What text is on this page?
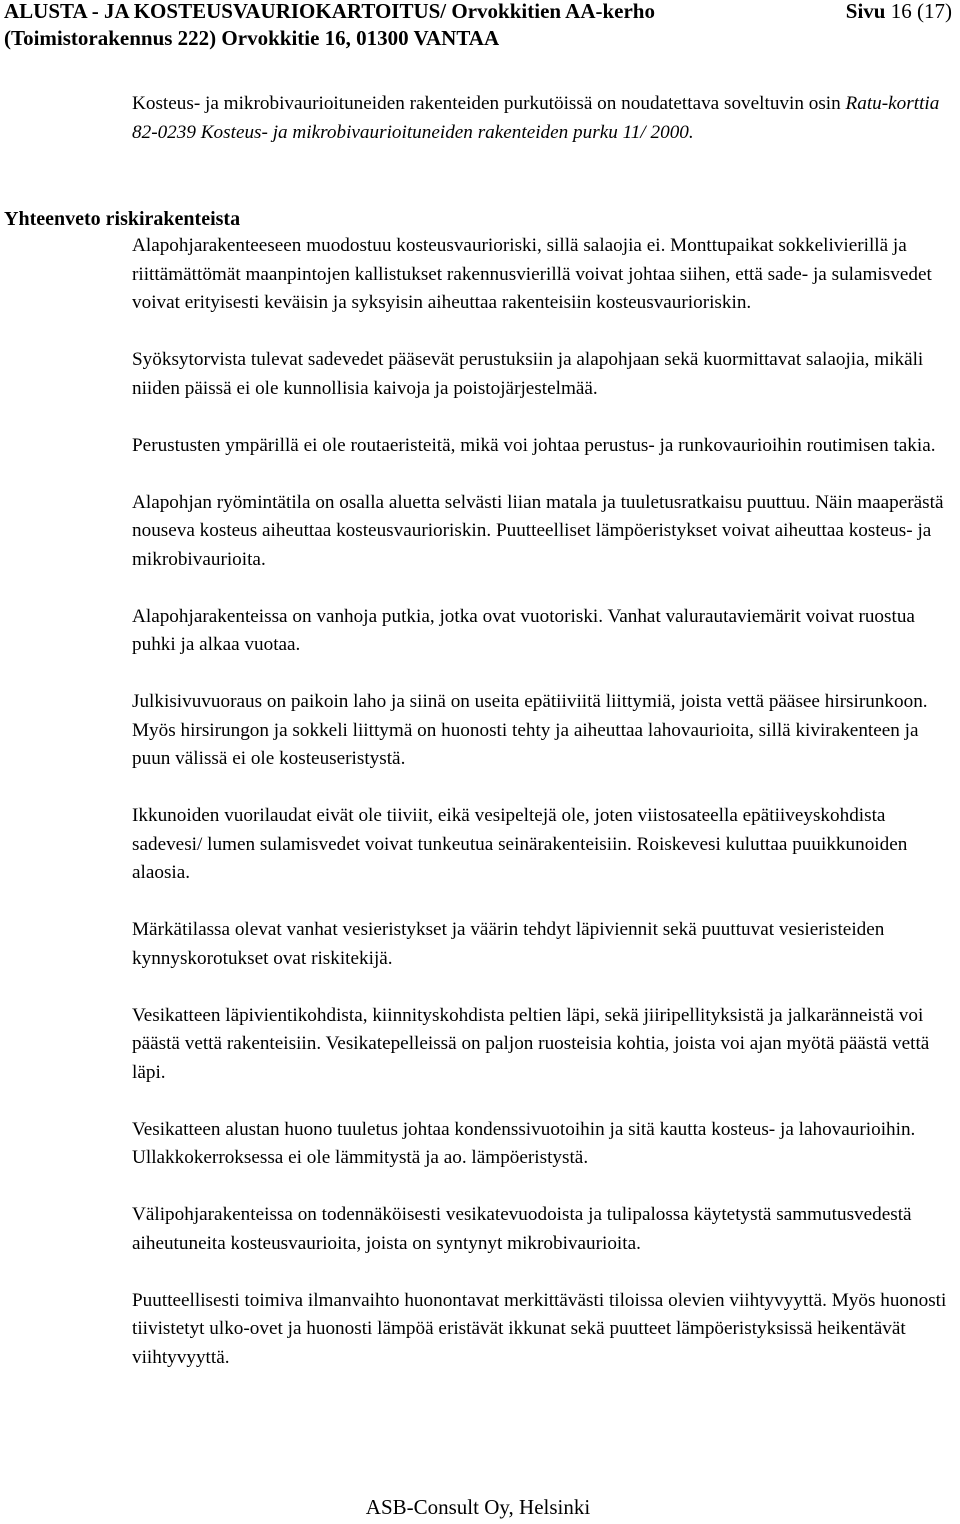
ALUSTA - JA KOSTEUSVAURIOKARTOITUS/ Orvokkitien AA-kerho
(Toimistorakennus 222) Orvokkitie 16, 01300 VANTAA
Sivu 16 (17)

Kosteus- ja mikrobivaurioituneiden rakenteiden purkutöissä on noudatettava soveltuvin osin Ratu-korttia 82-0239 Kosteus- ja mikrobivaurioituneiden rakenteiden purku 11/ 2000.

Alapohjarakenteeseen muodostuu kosteusvaurioriski, sillä salaojia ei. Monttupaikat sokkelivierillä ja riittämättömät maanpintojen kallistukset rakennusvierillä voivat johtaa siihen, että sade- ja sulamisvedet voivat erityisesti keväisin ja syksyisin aiheuttaa rakenteisiin kosteusvaurioriskin.

Syöksytorvista tulevat sadevedet pääsevät perustuksiin ja alapohjaan sekä kuormittavat salaojia, mikäli niiden päissä ei ole kunnollisia kaivoja ja poistojärjestelmää.

Perustusten ympärillä ei ole routaeristeitä, mikä voi johtaa perustus- ja runkovaurioihin routimisen takia.

Alapohjan ryömintätila on osalla aluetta selvästi liian matala ja tuuletusratkaisu puuttuu. Näin maaperästä nouseva kosteus aiheuttaa kosteusvaurioriskin. Puutteelliset lämpöeristykset voivat aiheuttaa kosteus- ja mikrobivaurioita.

Alapohjarakenteissa on vanhoja putkia, jotka ovat vuotoriski. Vanhat valurautaviemärit voivat ruostua puhki ja alkaa vuotaa.

Julkisivuvuoraus on paikoin laho ja siinä on useita epätiiviitä liittymiä, joista vettä pääsee hirsirunkoon. Myös hirsirungon ja sokkeli liittymä on huonosti tehty ja aiheuttaa lahovaurioita, sillä kivirakenteen ja puun välissä ei ole kosteuseristystä.

Ikkunoiden vuorilaudat eivät ole tiiviit, eikä vesipeltejä ole, joten viistosateella epätiiveyskohdista sadevesi/ lumen sulamisvedet voivat tunkeutua seinärakenteisiin. Roiskevesi kuluttaa puuikkunoiden alaosia.

Märkätilassa olevat vanhat vesieristykset ja väärin tehdyt läpiviennit sekä puuttuvat vesieristeiden kynnyskorotukset ovat riskitekijä.

Vesikatteen läpivientikohdista, kiinnityskohdista peltien läpi, sekä jiiripellityksistä ja jalkaränneistä voi päästä vettä rakenteisiin. Vesikatepelleissä on paljon ruosteisia kohtia, joista voi ajan myötä päästä vettä läpi.

Vesikatteen alustan huono tuuletus johtaa kondenssivuotoihin ja sitä kautta kosteus- ja lahovaurioihin. Ullakkokerroksessa ei ole lämmitystä ja ao. lämpöeristystä.

Välipohjarakenteissa on todennäköisesti vesikatevuodoista ja tulipalossa käytetystä sammutusvedestä aiheutuneita kosteusvaurioita, joista on syntynyt mikrobivaurioita.

Puutteellisesti toimiva ilmanvaihto huonontavat merkittävästi tiloissa olevien viihtyvyyttä. Myös huonosti tiivistetyt ulko-ovet ja huonosti lämpöä eristävät ikkunat sekä puutteet lämpöeristyksissä heikentävät viihtyvyyttä.

Yhteenveto riskirakenteista
ASB-Consult Oy, Helsinki
